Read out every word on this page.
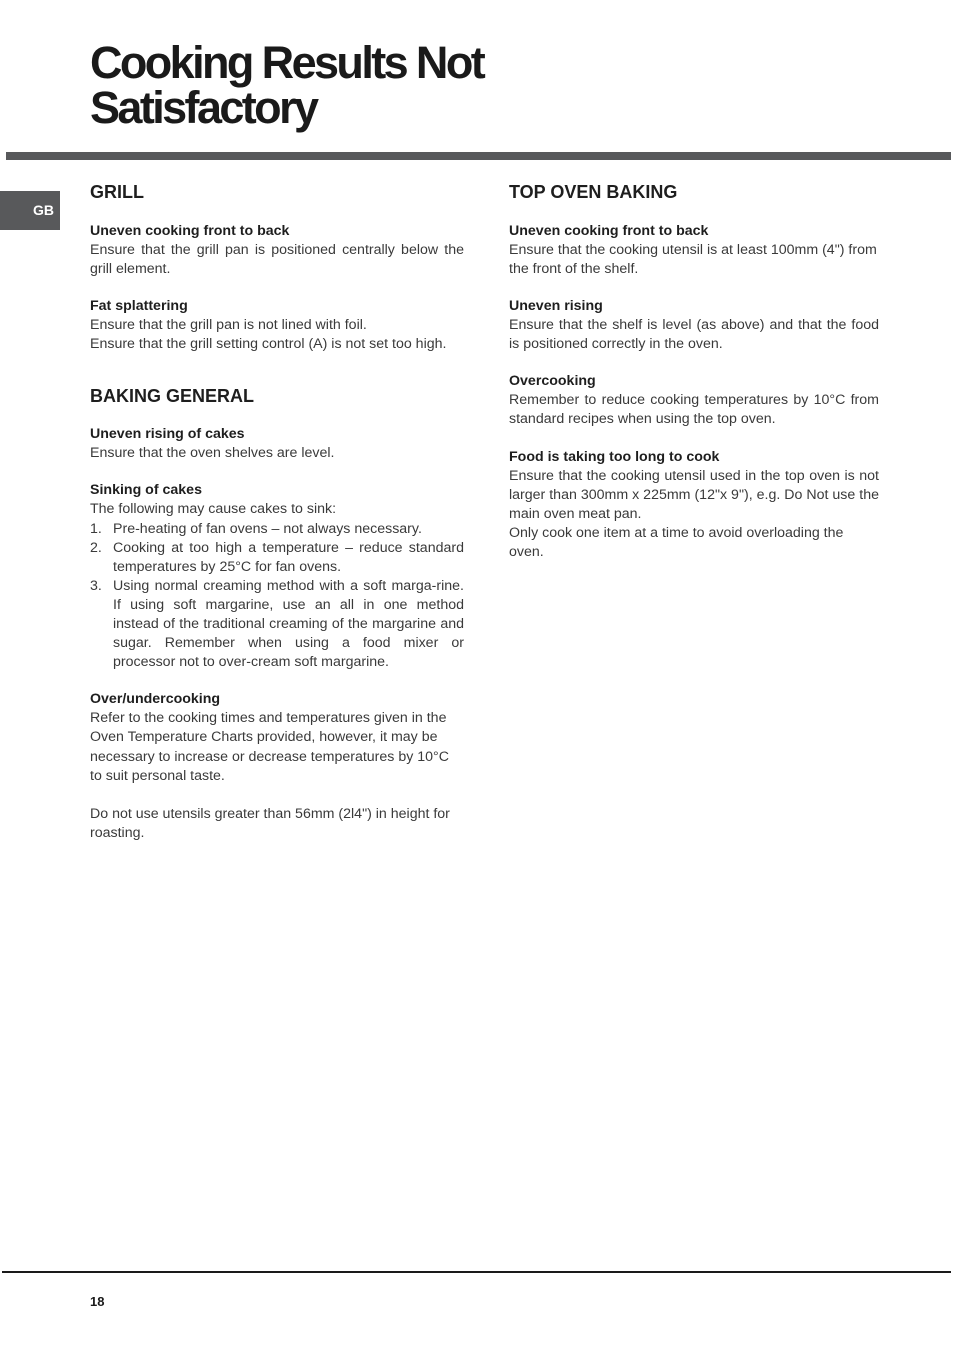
Cooking Results Not
Satisfactory
GB
GRILL
Uneven cooking front to back
Ensure that the grill pan is positioned centrally below the grill element.
Fat splattering
Ensure that the grill pan is not lined with foil.
Ensure that the grill setting control (A) is not set too high.
BAKING GENERAL
Uneven rising of cakes
Ensure that the oven shelves are level.
Sinking of cakes
The following may cause cakes to sink:
1. Pre-heating of fan ovens – not always necessary.
2. Cooking at too high a temperature – reduce standard temperatures by 25°C for fan ovens.
3. Using normal creaming method with a soft marga-rine. If using soft margarine, use an all in one method instead of the traditional creaming of the margarine and sugar. Remember when using a food mixer or processor not to over-cream soft margarine.
Over/undercooking
Refer to the cooking times and temperatures given in the Oven Temperature Charts provided, however, it may be necessary to increase or decrease temperatures by 10°C to suit personal taste.
Do not use utensils greater than 56mm (2l4") in height for roasting.
TOP OVEN BAKING
Uneven cooking front to back
Ensure that the cooking utensil is at least 100mm (4") from the front of the shelf.
Uneven rising
Ensure that the shelf is level (as above) and that the food is positioned correctly in the oven.
Overcooking
Remember to reduce cooking temperatures by 10°C from standard recipes when using the top oven.
Food is taking too long to cook
Ensure that the cooking utensil used in the top oven is not larger than 300mm x 225mm (12"x 9"), e.g. Do Not use the main oven meat pan.
Only cook one item at a time to avoid overloading the oven.
18
